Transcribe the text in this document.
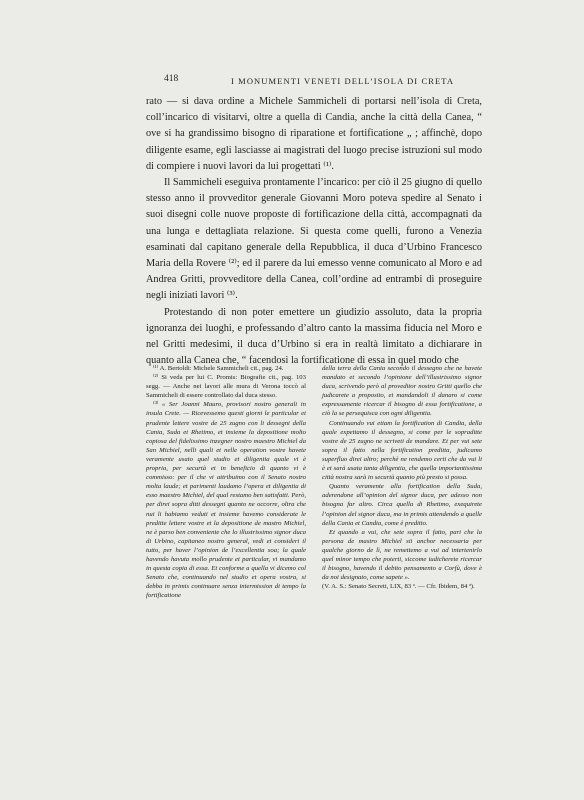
418	I MONUMENTI VENETI DELL’ISOLA DI CRETA

rato — si dava ordine a Michele Sammicheli di portarsi nell’isola di Creta, coll’incarico di visitarvi, oltre a quella di Candia, anche la città della Canea, “ ove si ha grandissimo bisogno di riparatione et fortificatione „ ; affinchè, dopo diligente esame, egli lasciasse ai magistrati del luogo precise istruzioni sul modo di compiere i nuovi lavori da lui progettati ⁽¹⁾.

Il Sammicheli eseguiva prontamente l’incarico: per ciò il 25 giugno di quello stesso anno il provveditor generale Giovanni Moro poteva spedire al Senato i suoi disegni colle nuove proposte di fortificazione della città, accompagnati da una lunga e dettagliata relazione. Si questa come quelli, furono a Venezia esaminati dal capitano generale della Repubblica, il duca d’Urbino Francesco Maria della Rovere ⁽²⁾; ed il parere da lui emesso venne comunicato al Moro e ad Andrea Gritti, provveditore della Canea, coll’ordine ad entrambi di proseguire negli iniziati lavori ⁽³⁾.

Protestando di non poter emettere un giudizio assoluto, data la propria ignoranza dei luoghi, e professando d’altro canto la massima fiducia nel Moro e nel Gritti medesimi, il duca d’Urbino si era in realtà limitato a dichiarare in quanto alla Canea che, “ facendosi la fortificatione di essa in quel modo che

⁽¹⁾ A. Bertoldi: Michele Sammicheli cit., pag. 24.

⁽²⁾ Si veda per lui C. Promis: Biografie cit., pag. 103 segg. — Anche nei lavori alle mura di Verona toccò al Sammicheli di essere controllato dal duca stesso.

⁽³⁾ « Ser Joanni Mauro, provisori nostro generali in insula Crete. — Ricevessemo questi giorni le particular et prudente lettere vostre de 25 zugno con li dessegni della Cania, Suda et Rhetimo, et insieme la depositione molto copiosa del fidelissimo inzegner nostro maestro Michiel da San Michiel, nelli quali et nelle operation vostre havete veramente usato quel studio et diligentia quale vi è propria, per securtà et in beneficio di quanto vi è commisso: per il che vi attribuimo con il Senato nostro molta laude; et parimenti laudamo l’opera et diligentia di esso maestro Michiel, del qual restamo ben satisfatti. Però, per direi sopra ditti dessegni quanto ne occorre, oltra che nui li habiamo veduti et insieme havemo considerate le preditte lettere vostre et la depositione de mastro Michiel, ne è parso ben conveniente che lo illustrissimo signor duca di Urbino, capitaneo nostro general, vedi et consideri il tutto, per haver l’opinion de l’excellentia soa; la quale havendo havuta mollo prudente et particular, vi mandamo in questa copia di essa. Et conforme a quella vi dicemo col Senato che, continuando nel studio et opera vostra, si debba in primis continuare senza intermission di tempo la fortificatione

della terra della Cania secondo il dessegno che ne havete mandato et secondo l’opinione dell’illustrissimo signor duca, scrivendo però al proveditor nostro Gritti quello che judicarete a proposito, et mandandoli il danaro si come expressamente ricercar il bisogno di essa fortificatione, a ciò la se persequisca con ogni diligentia.

Continuando vui etiam la fortification di Candia, della quale expettamo il dessegno, si come per le sopraditte vostre de 25 zugno ne scriveti de mandare. Et per vui sete sopra il fatto nella fortification preditta, judicamo superfluo direi altro; perchè ne rendemo certi che da vui li è et sarà usata tanta diligentia, che quella importantissima città nostra sarà in securtà quanto più presto si possa.

Quanto veramente alla fortification della Suda, aderendone all’opinion del signor duca, per adesso non bisogna far altro. Circa quella di Rhetimo, exequirete l’opinion del signor duca, ma in primis attendendo a quelle della Cania et Candia, come è preditto.

Et quando a vui, che sete sopra il fatto, pari che la persona de mastro Michiel sii anchor necessaria per qualche giorno de lì, ne remettemo a vui ad intertenirlo quel minor tempo che poterti, siccome iudicherete ricercar il bisogno, havendo il debito pensamento a Corfù, dove è da noi designato, come sapete ».

(V. A. S.: Senato Secreti, LIX, 83 ᵃ. — Cfr. Ibidem, 84 ᵃ).
